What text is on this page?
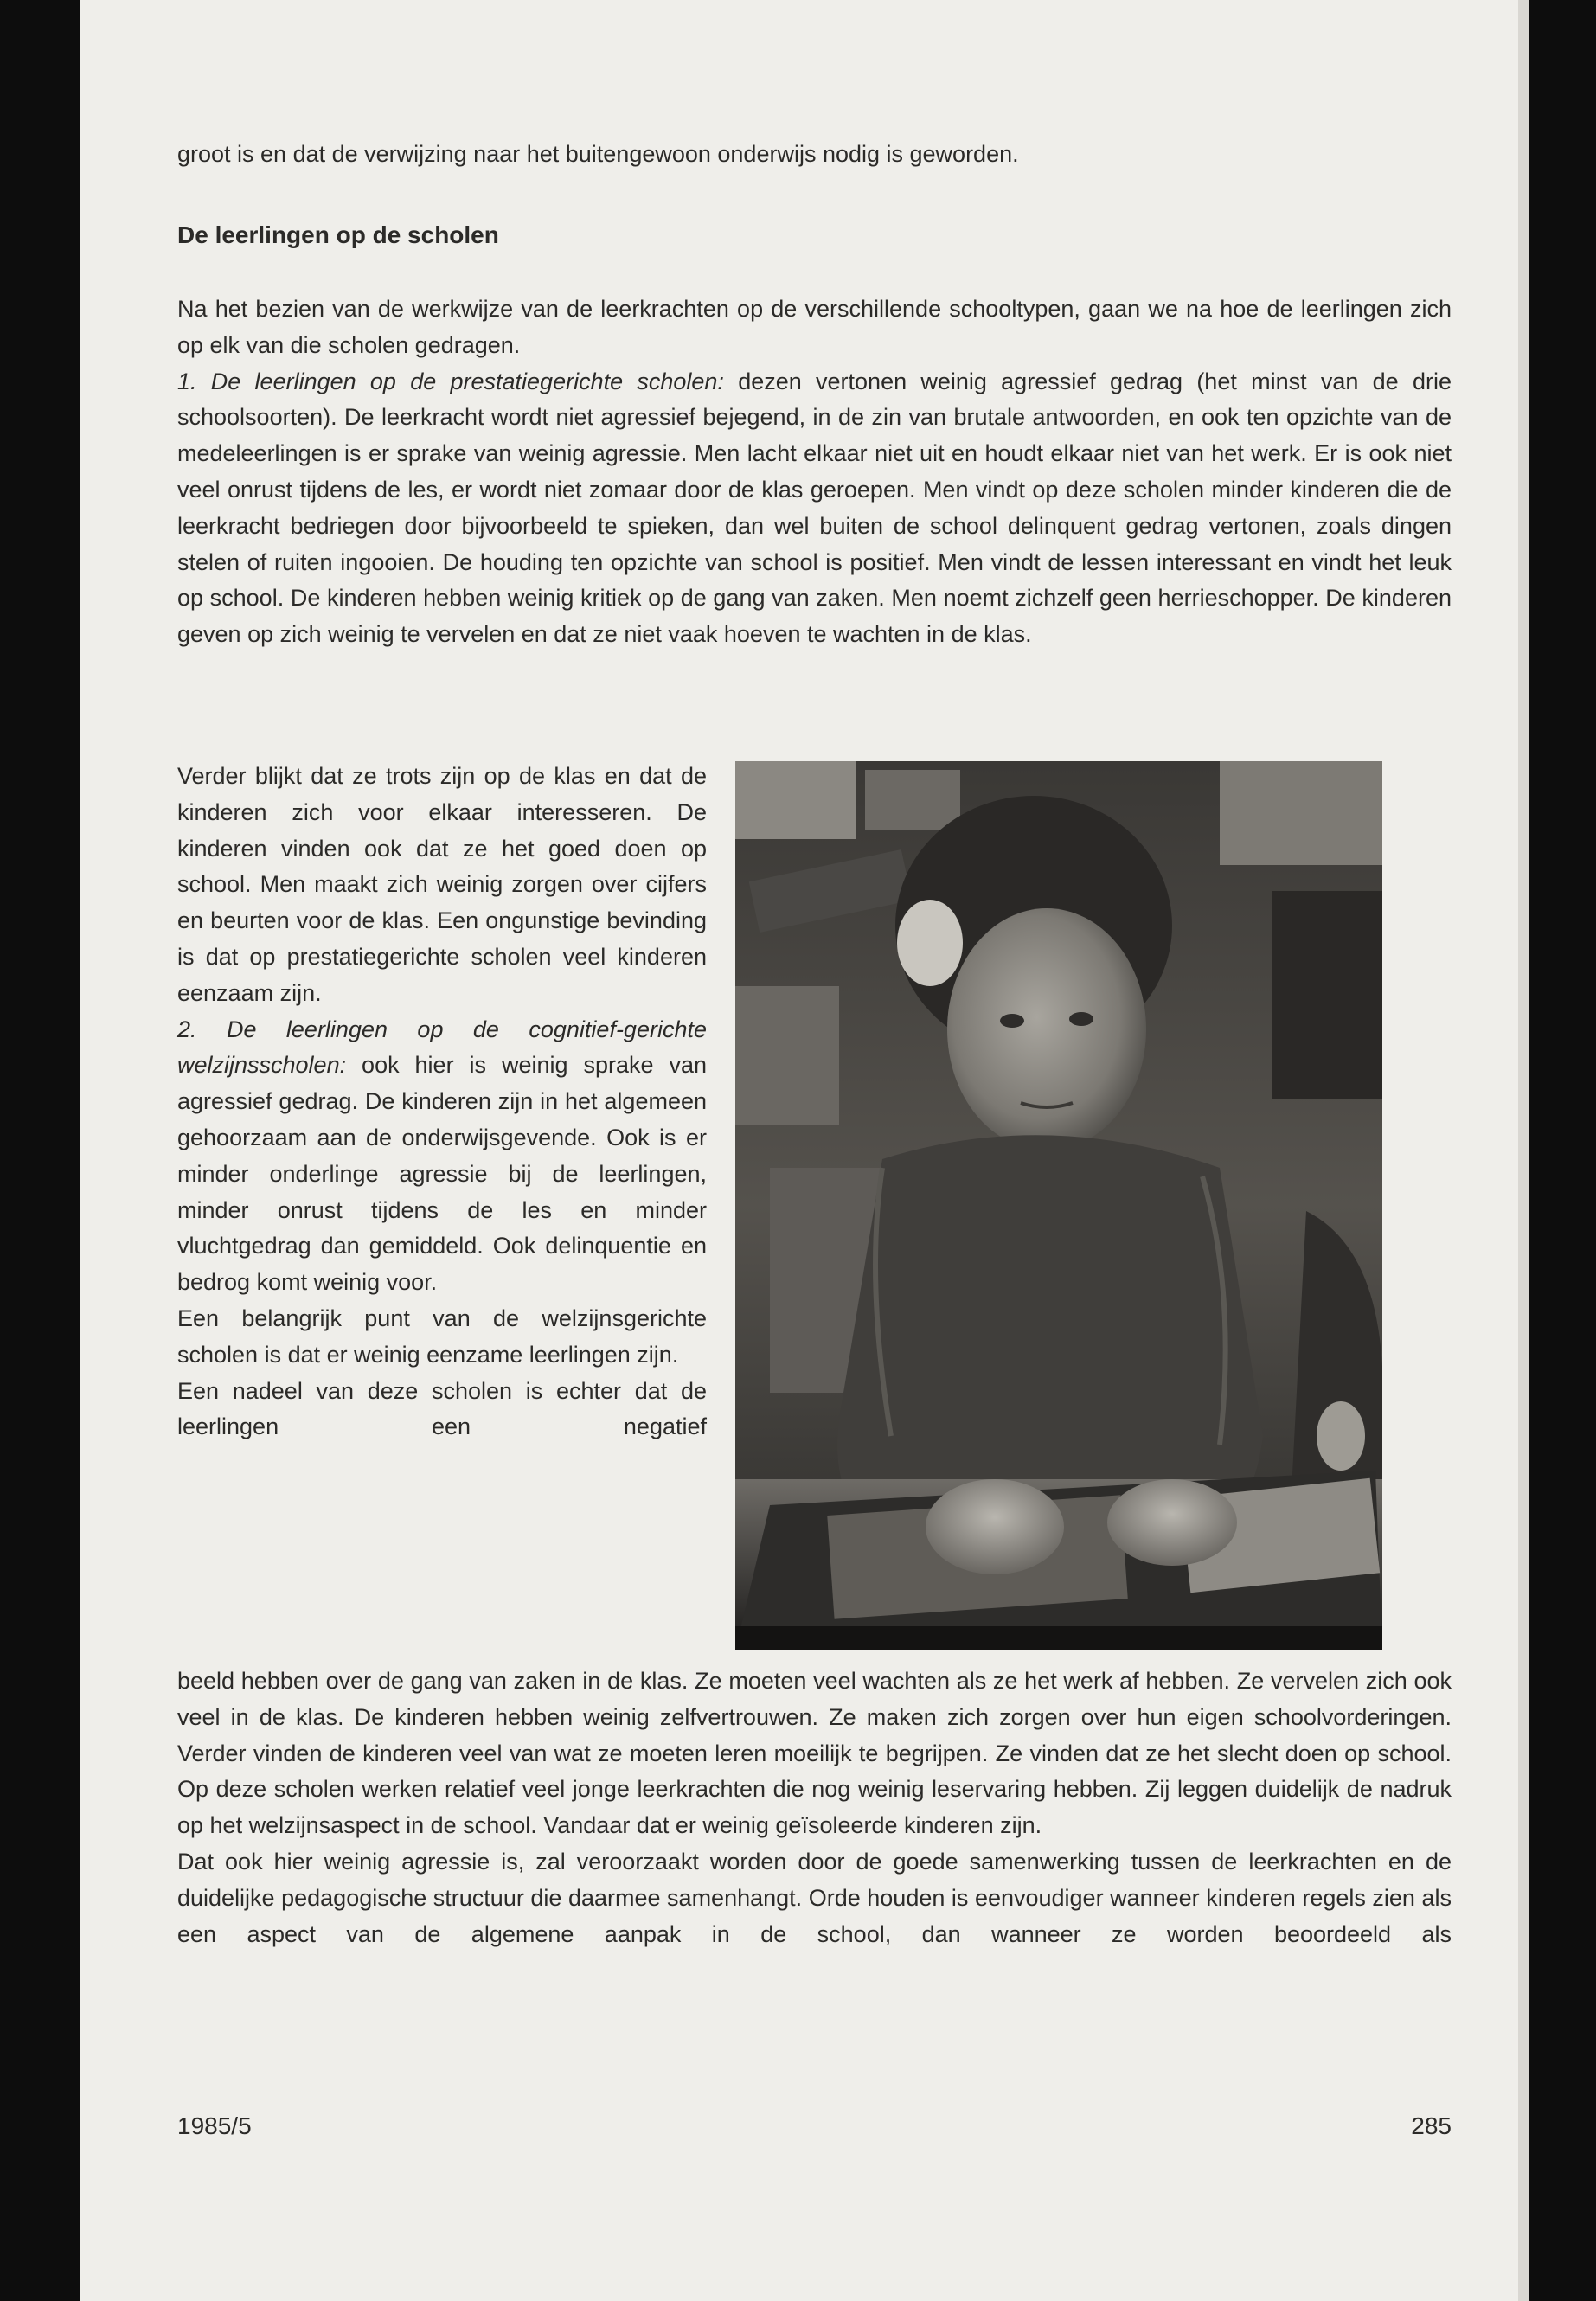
groot is en dat de verwijzing naar het buitengewoon onderwijs nodig is geworden.

De leerlingen op de scholen

Na het bezien van de werkwijze van de leerkrachten op de verschillende schooltypen, gaan we na hoe de leerlingen zich op elk van die scholen gedragen.

1. De leerlingen op de prestatiegerichte scholen: dezen vertonen weinig agressief gedrag (het minst van de drie schoolsoorten). De leerkracht wordt niet agressief bejegend, in de zin van brutale antwoorden, en ook ten opzichte van de medeleerlingen is er sprake van weinig agressie. Men lacht elkaar niet uit en houdt elkaar niet van het werk. Er is ook niet veel onrust tijdens de les, er wordt niet zomaar door de klas geroepen. Men vindt op deze scholen minder kinderen die de leerkracht bedriegen door bijvoorbeeld te spieken, dan wel buiten de school delinquent gedrag vertonen, zoals dingen stelen of ruiten ingooien. De houding ten opzichte van school is positief. Men vindt de lessen interessant en vindt het leuk op school. De kinderen hebben weinig kritiek op de gang van zaken. Men noemt zichzelf geen herrieschopper. De kinderen geven op zich weinig te vervelen en dat ze niet vaak hoeven te wachten in de klas.

Verder blijkt dat ze trots zijn op de klas en dat de kinderen zich voor elkaar interesseren. De kinderen vinden ook dat ze het goed doen op school. Men maakt zich weinig zorgen over cijfers en beurten voor de klas. Een ongunstige bevinding is dat op prestatiegerichte scholen veel kinderen eenzaam zijn.

2. De leerlingen op de cognitief-gerichte welzijnsscholen: ook hier is weinig sprake van agressief gedrag. De kinderen zijn in het algemeen gehoorzaam aan de onderwijsgevende. Ook is er minder onderlinge agressie bij de leerlingen, minder onrust tijdens de les en minder vluchtgedrag dan gemiddeld. Ook delinquentie en bedrog komt weinig voor.

Een belangrijk punt van de welzijnsgerichte scholen is dat er weinig eenzame leerlingen zijn.

Een nadeel van deze scholen is echter dat de leerlingen een negatief

beeld hebben over de gang van zaken in de klas. Ze moeten veel wachten als ze het werk af hebben. Ze vervelen zich ook veel in de klas. De kinderen hebben weinig zelfvertrouwen. Ze maken zich zorgen over hun eigen schoolvorderingen. Verder vinden de kinderen veel van wat ze moeten leren moeilijk te begrijpen. Ze vinden dat ze het slecht doen op school. Op deze scholen werken relatief veel jonge leerkrachten die nog weinig leservaring hebben. Zij leggen duidelijk de nadruk op het welzijnsaspect in de school. Vandaar dat er weinig geïsoleerde kinderen zijn.

Dat ook hier weinig agressie is, zal veroorzaakt worden door de goede samenwerking tussen de leerkrachten en de duidelijke pedagogische structuur die daarmee samenhangt. Orde houden is eenvoudiger wanneer kinderen regels zien als een aspect van de algemene aanpak in de school, dan wanneer ze worden beoordeeld als

1985/5	285
